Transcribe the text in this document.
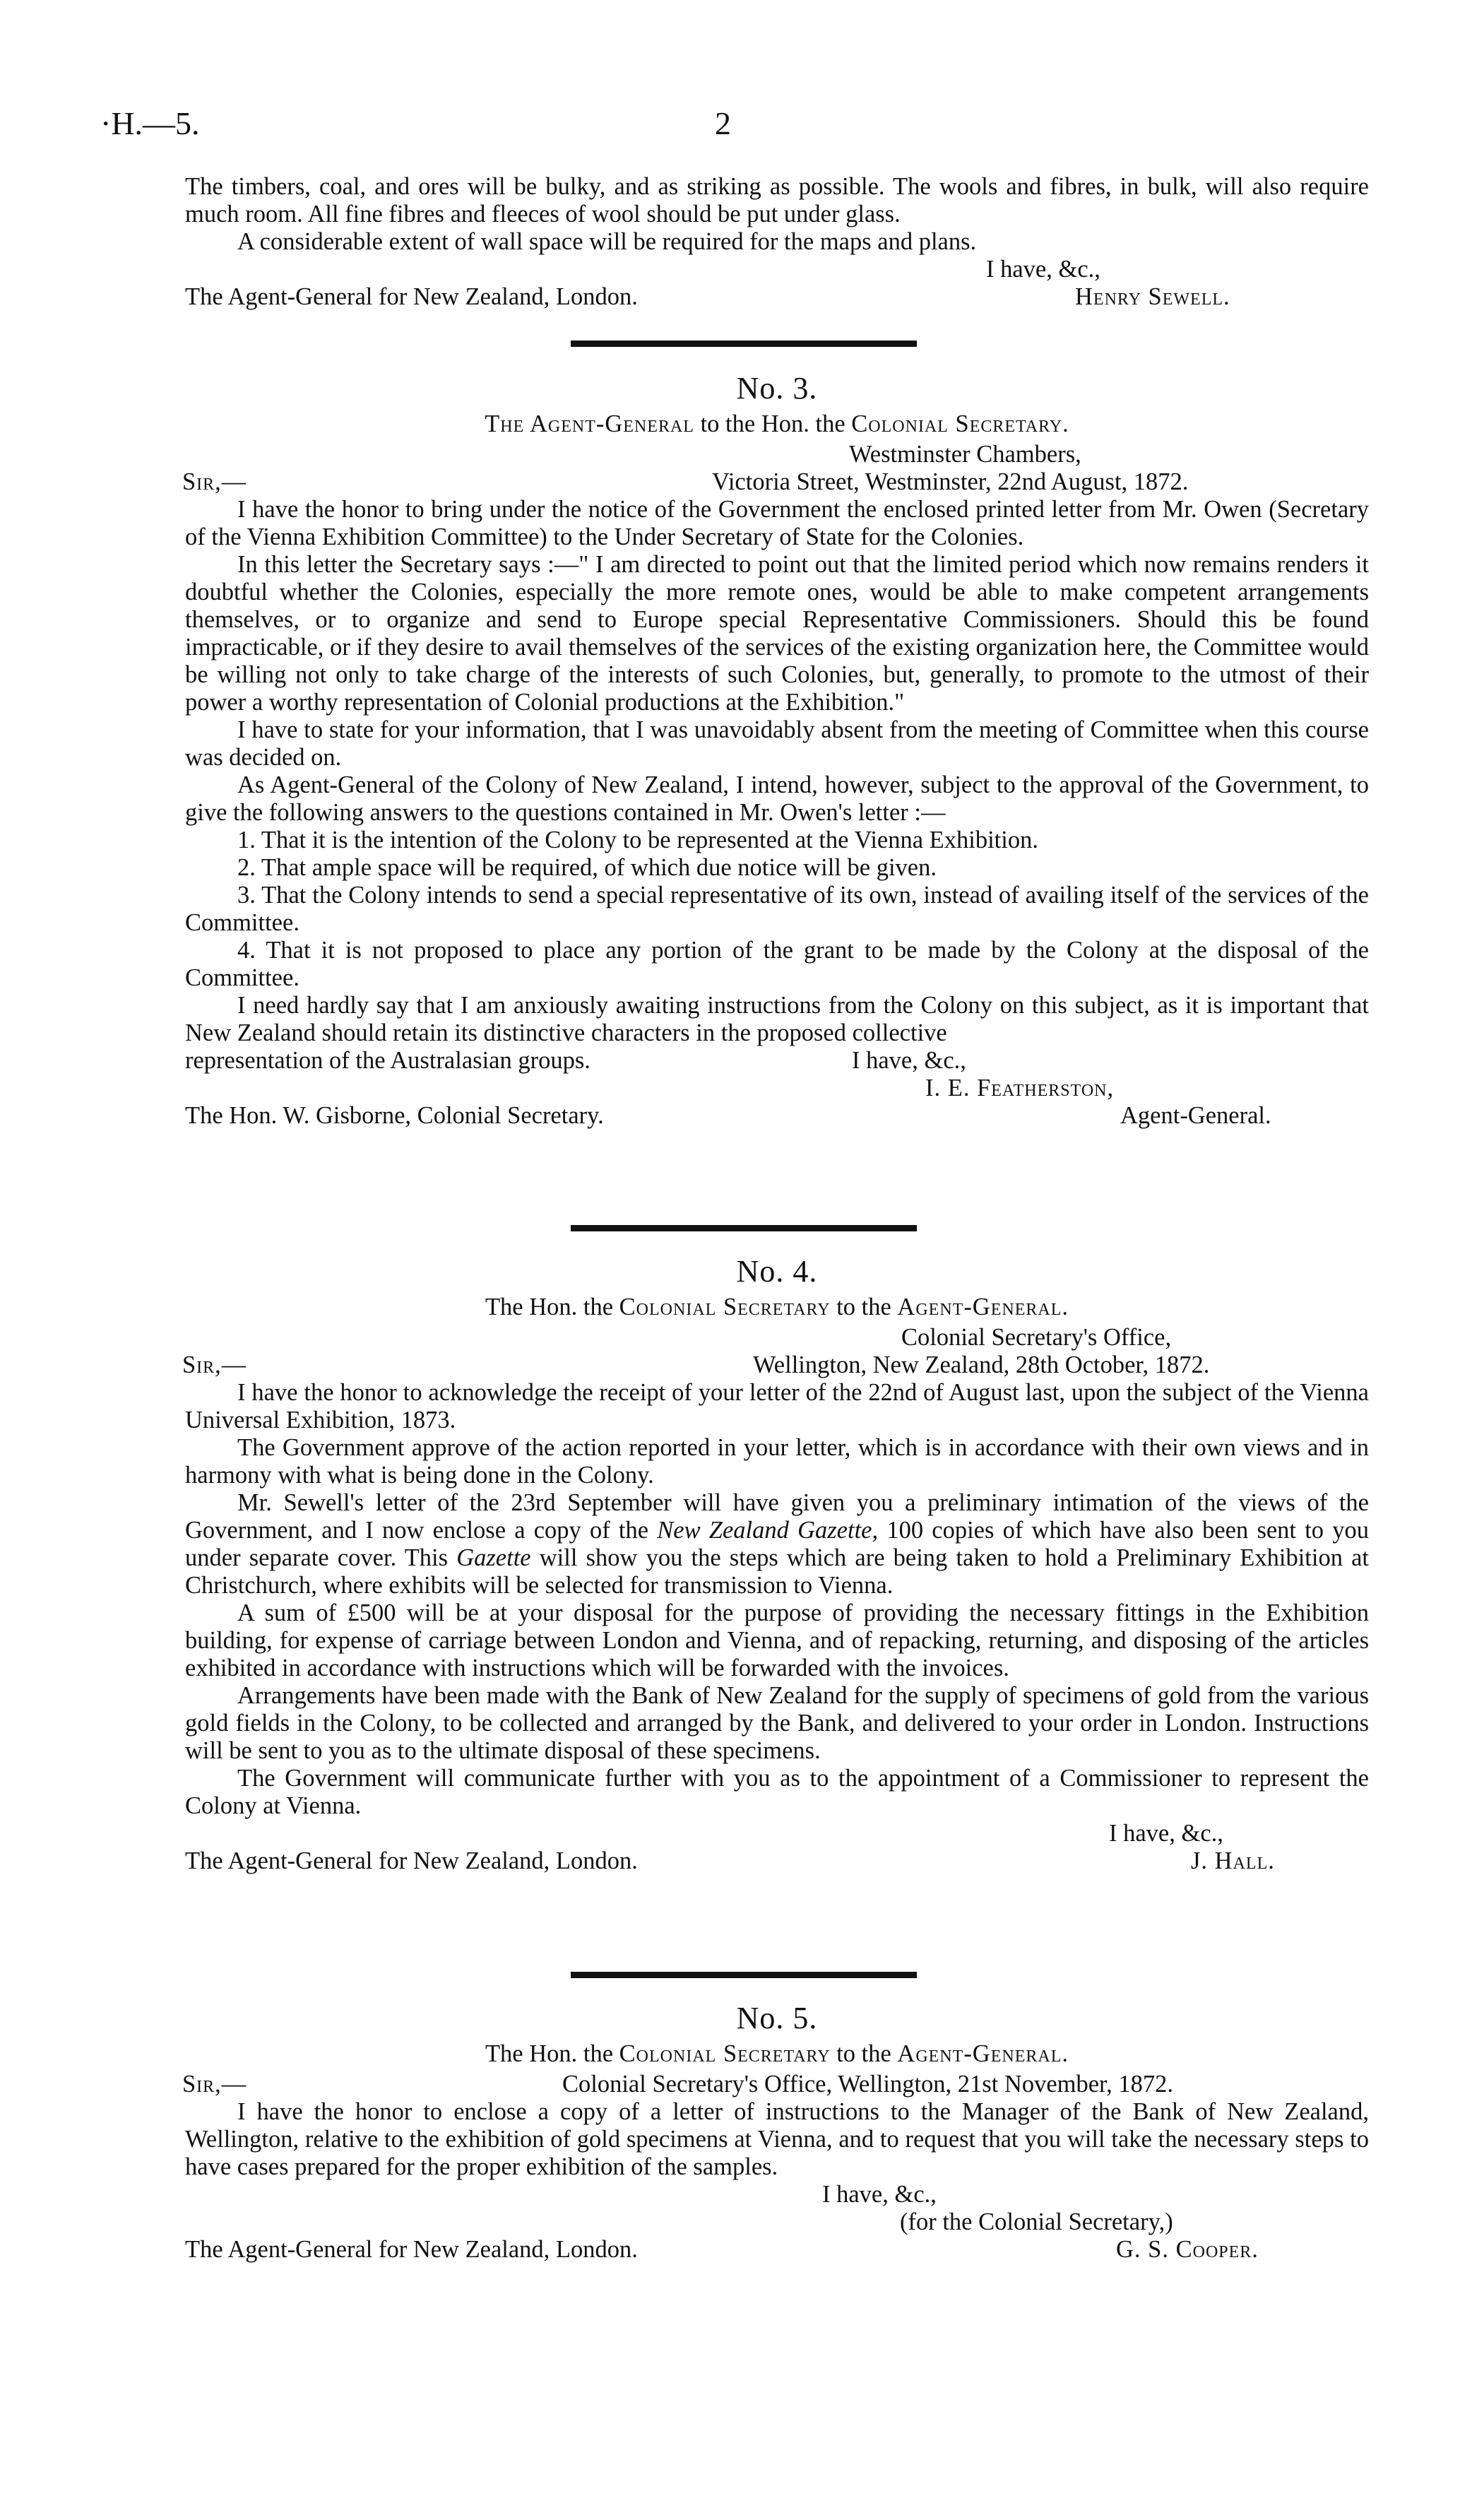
·H.—5.	2

The timbers, coal, and ores will be bulky, and as striking as possible. The wools and fibres, in bulk, will also require much room. All fine fibres and fleeces of wool should be put under glass.

A considerable extent of wall space will be required for the maps and plans.

I have, &c.,
The Agent-General for New Zealand, London.	Henry Sewell.
No. 3.
The Agent-General to the Hon. the Colonial Secretary.
Westminster Chambers,
Sir,—	Victoria Street, Westminster, 22nd August, 1872.

I have the honor to bring under the notice of the Government the enclosed printed letter from Mr. Owen (Secretary of the Vienna Exhibition Committee) to the Under Secretary of State for the Colonies.

In this letter the Secretary says :—" I am directed to point out that the limited period which now remains renders it doubtful whether the Colonies, especially the more remote ones, would be able to make competent arrangements themselves, or to organize and send to Europe special Representative Commissioners. Should this be found impracticable, or if they desire to avail themselves of the services of the existing organization here, the Committee would be willing not only to take charge of the interests of such Colonies, but, generally, to promote to the utmost of their power a worthy representation of Colonial productions at the Exhibition."

I have to state for your information, that I was unavoidably absent from the meeting of Committee when this course was decided on.

As Agent-General of the Colony of New Zealand, I intend, however, subject to the approval of the Government, to give the following answers to the questions contained in Mr. Owen's letter :—

1. That it is the intention of the Colony to be represented at the Vienna Exhibition.

2. That ample space will be required, of which due notice will be given.

3. That the Colony intends to send a special representative of its own, instead of availing itself of the services of the Committee.

4. That it is not proposed to place any portion of the grant to be made by the Colony at the disposal of the Committee.

I need hardly say that I am anxiously awaiting instructions from the Colony on this subject, as it is important that New Zealand should retain its distinctive characters in the proposed collective

representation of the Australasian groups.	I have, &c.,
I. E. Featherston,
The Hon. W. Gisborne, Colonial Secretary.	Agent-General.
No. 4.
The Hon. the Colonial Secretary to the Agent-General.
Colonial Secretary's Office,
Sir,—	Wellington, New Zealand, 28th October, 1872.

I have the honor to acknowledge the receipt of your letter of the 22nd of August last, upon the subject of the Vienna Universal Exhibition, 1873.

The Government approve of the action reported in your letter, which is in accordance with their own views and in harmony with what is being done in the Colony.

Mr. Sewell's letter of the 23rd September will have given you a preliminary intimation of the views of the Government, and I now enclose a copy of the New Zealand Gazette, 100 copies of which have also been sent to you under separate cover. This Gazette will show you the steps which are being taken to hold a Preliminary Exhibition at Christchurch, where exhibits will be selected for transmission to Vienna.

A sum of £500 will be at your disposal for the purpose of providing the necessary fittings in the Exhibition building, for expense of carriage between London and Vienna, and of repacking, returning, and disposing of the articles exhibited in accordance with instructions which will be forwarded with the invoices.

Arrangements have been made with the Bank of New Zealand for the supply of specimens of gold from the various gold fields in the Colony, to be collected and arranged by the Bank, and delivered to your order in London. Instructions will be sent to you as to the ultimate disposal of these specimens.

The Government will communicate further with you as to the appointment of a Commissioner to represent the Colony at Vienna.

I have, &c.,
The Agent-General for New Zealand, London.	J. Hall.
No. 5.
The Hon. the Colonial Secretary to the Agent-General.
Sir,—	Colonial Secretary's Office, Wellington, 21st November, 1872.

I have the honor to enclose a copy of a letter of instructions to the Manager of the Bank of New Zealand, Wellington, relative to the exhibition of gold specimens at Vienna, and to request that you will take the necessary steps to have cases prepared for the proper exhibition of the samples.

I have, &c.,
(for the Colonial Secretary,)
The Agent-General for New Zealand, London.	G. S. Cooper.
